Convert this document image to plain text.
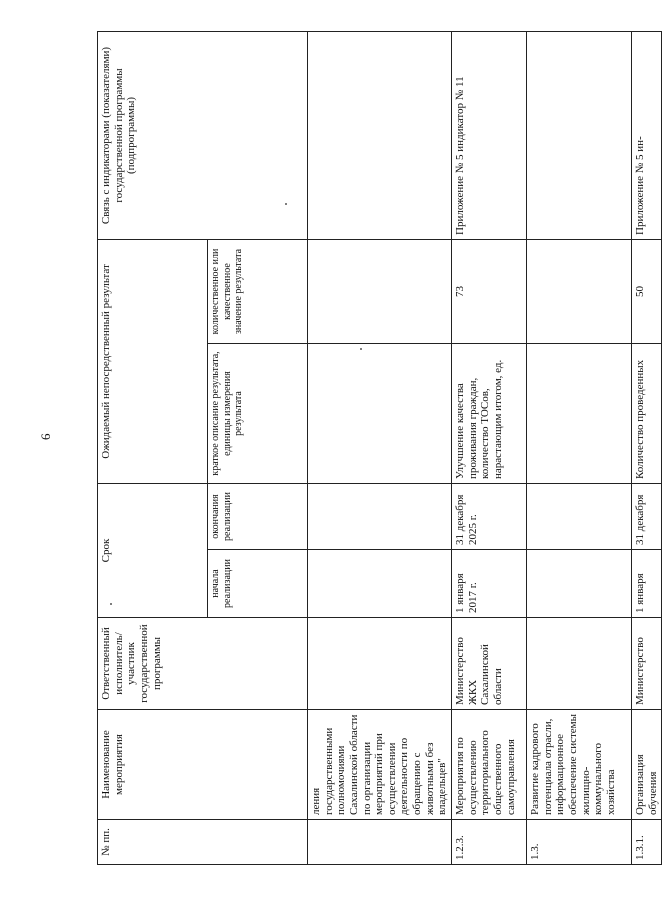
6
№ пп.	Наименование мероприятия	Ответственный исполнитель/участник государственной программы	Срок		Ожидаемый непосредственный результат		Связь с индикаторами (показателями) государственной программы (подпрограммы)
			начала реализации	окончания реализации	краткое описание результата, единицы измерения результата	количественное или качественное значение результата	
	ления государственными полномочиями Сахалинской области по организации мероприятий при осуществлении деятельности по обращению с животными без владельцев"						
1.2.3.	Мероприятия по осуществлению территориального общественного самоуправления	Министерство ЖКХ Сахалинской области	1 января 2017 г.	31 декабря 2025 г.	Улучшение качества проживания граждан, количество ТОСов, нарастающим итогом, ед.	73	Приложение № 5 индикатор № 11
1.3.	Развитие кадрового потенциала отрасли, информационное обеспечение системы жилищно-коммунального хозяйства						
1.3.1.	Организация обучения	Министерство	1 января	31 декабря	Количество проведенных	50	Приложение № 5 ин-
